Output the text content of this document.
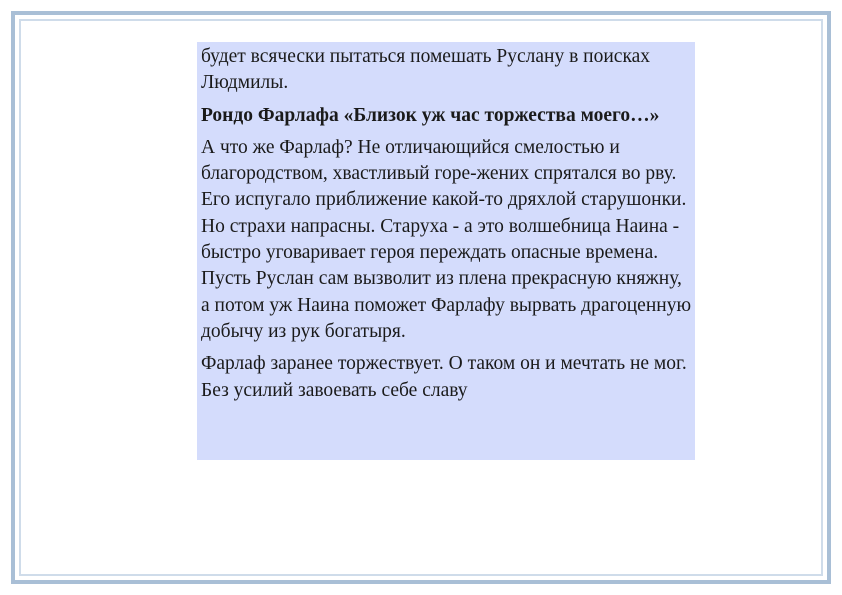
будет всячески пытаться помешать Руслану в поисках Людмилы.

Рондо Фарлафа «Близок уж час торжества моего…»

А что же Фарлаф? Не отличающийся смелостью и благородством, хвастливый горе-жених спрятался во рву. Его испугало приближение какой-то дряхлой старушонки. Но страхи напрасны. Старуха - а это волшебница Наина - быстро уговаривает героя переждать опасные времена. Пусть Руслан сам вызволит из плена прекрасную княжну, а потом уж Наина поможет Фарлафу вырвать драгоценную добычу из рук богатыря.

Фарлаф заранее торжествует. О таком он и мечтать не мог. Без усилий завоевать себе славу
